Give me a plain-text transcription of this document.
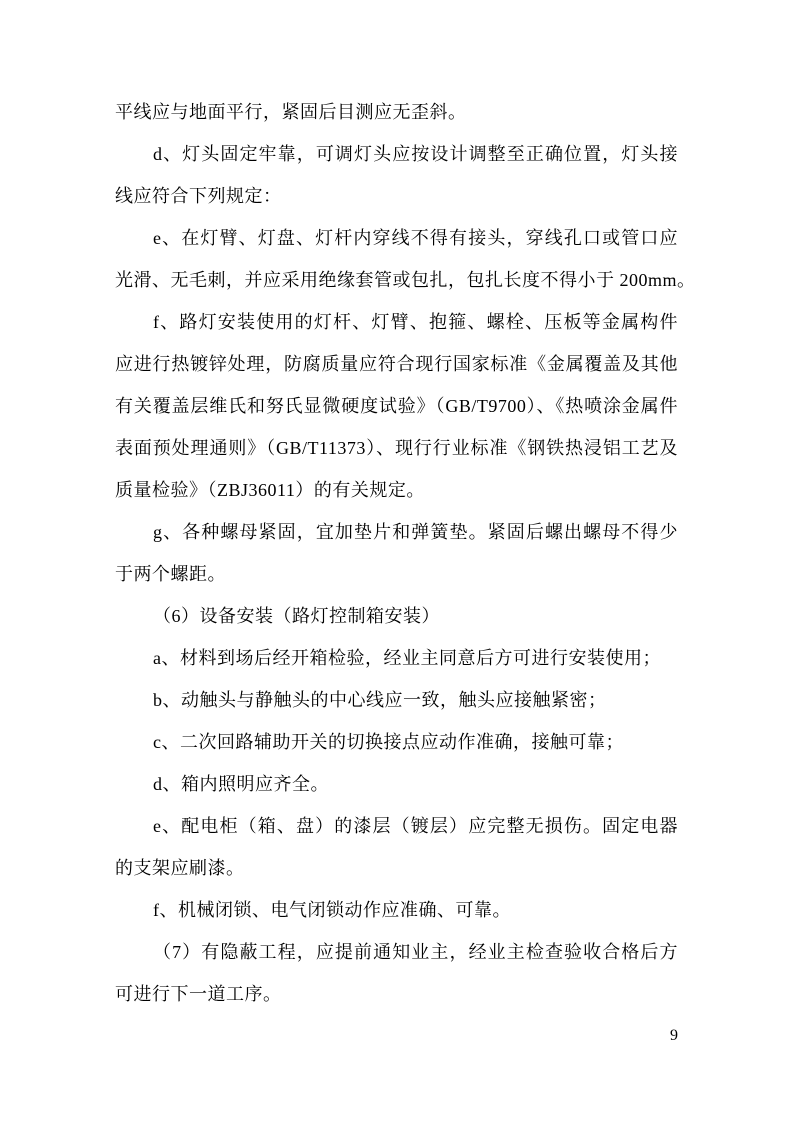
平线应与地面平行，紧固后目测应无歪斜。
d、灯头固定牢靠，可调灯头应按设计调整至正确位置，灯头接
线应符合下列规定：
e、在灯臂、灯盘、灯杆内穿线不得有接头，穿线孔口或管口应
光滑、无毛刺，并应采用绝缘套管或包扎，包扎长度不得小于 200mm。
f、路灯安装使用的灯杆、灯臂、抱箍、螺栓、压板等金属构件
应进行热镀锌处理，防腐质量应符合现行国家标准《金属覆盖及其他
有关覆盖层维氏和努氏显微硬度试验》（GB/T9700）、《热喷涂金属件
表面预处理通则》（GB/T11373）、现行行业标准《钢铁热浸铝工艺及
质量检验》（ZBJ36011）的有关规定。
g、各种螺母紧固，宜加垫片和弹簧垫。紧固后螺出螺母不得少
于两个螺距。
（6）设备安装（路灯控制箱安装）
a、材料到场后经开箱检验，经业主同意后方可进行安装使用；
b、动触头与静触头的中心线应一致，触头应接触紧密；
c、二次回路辅助开关的切换接点应动作准确，接触可靠；
d、箱内照明应齐全。
e、配电柜（箱、盘）的漆层（镀层）应完整无损伤。固定电器
的支架应刷漆。
f、机械闭锁、电气闭锁动作应准确、可靠。
（7）有隐蔽工程，应提前通知业主，经业主检查验收合格后方
可进行下一道工序。
9
